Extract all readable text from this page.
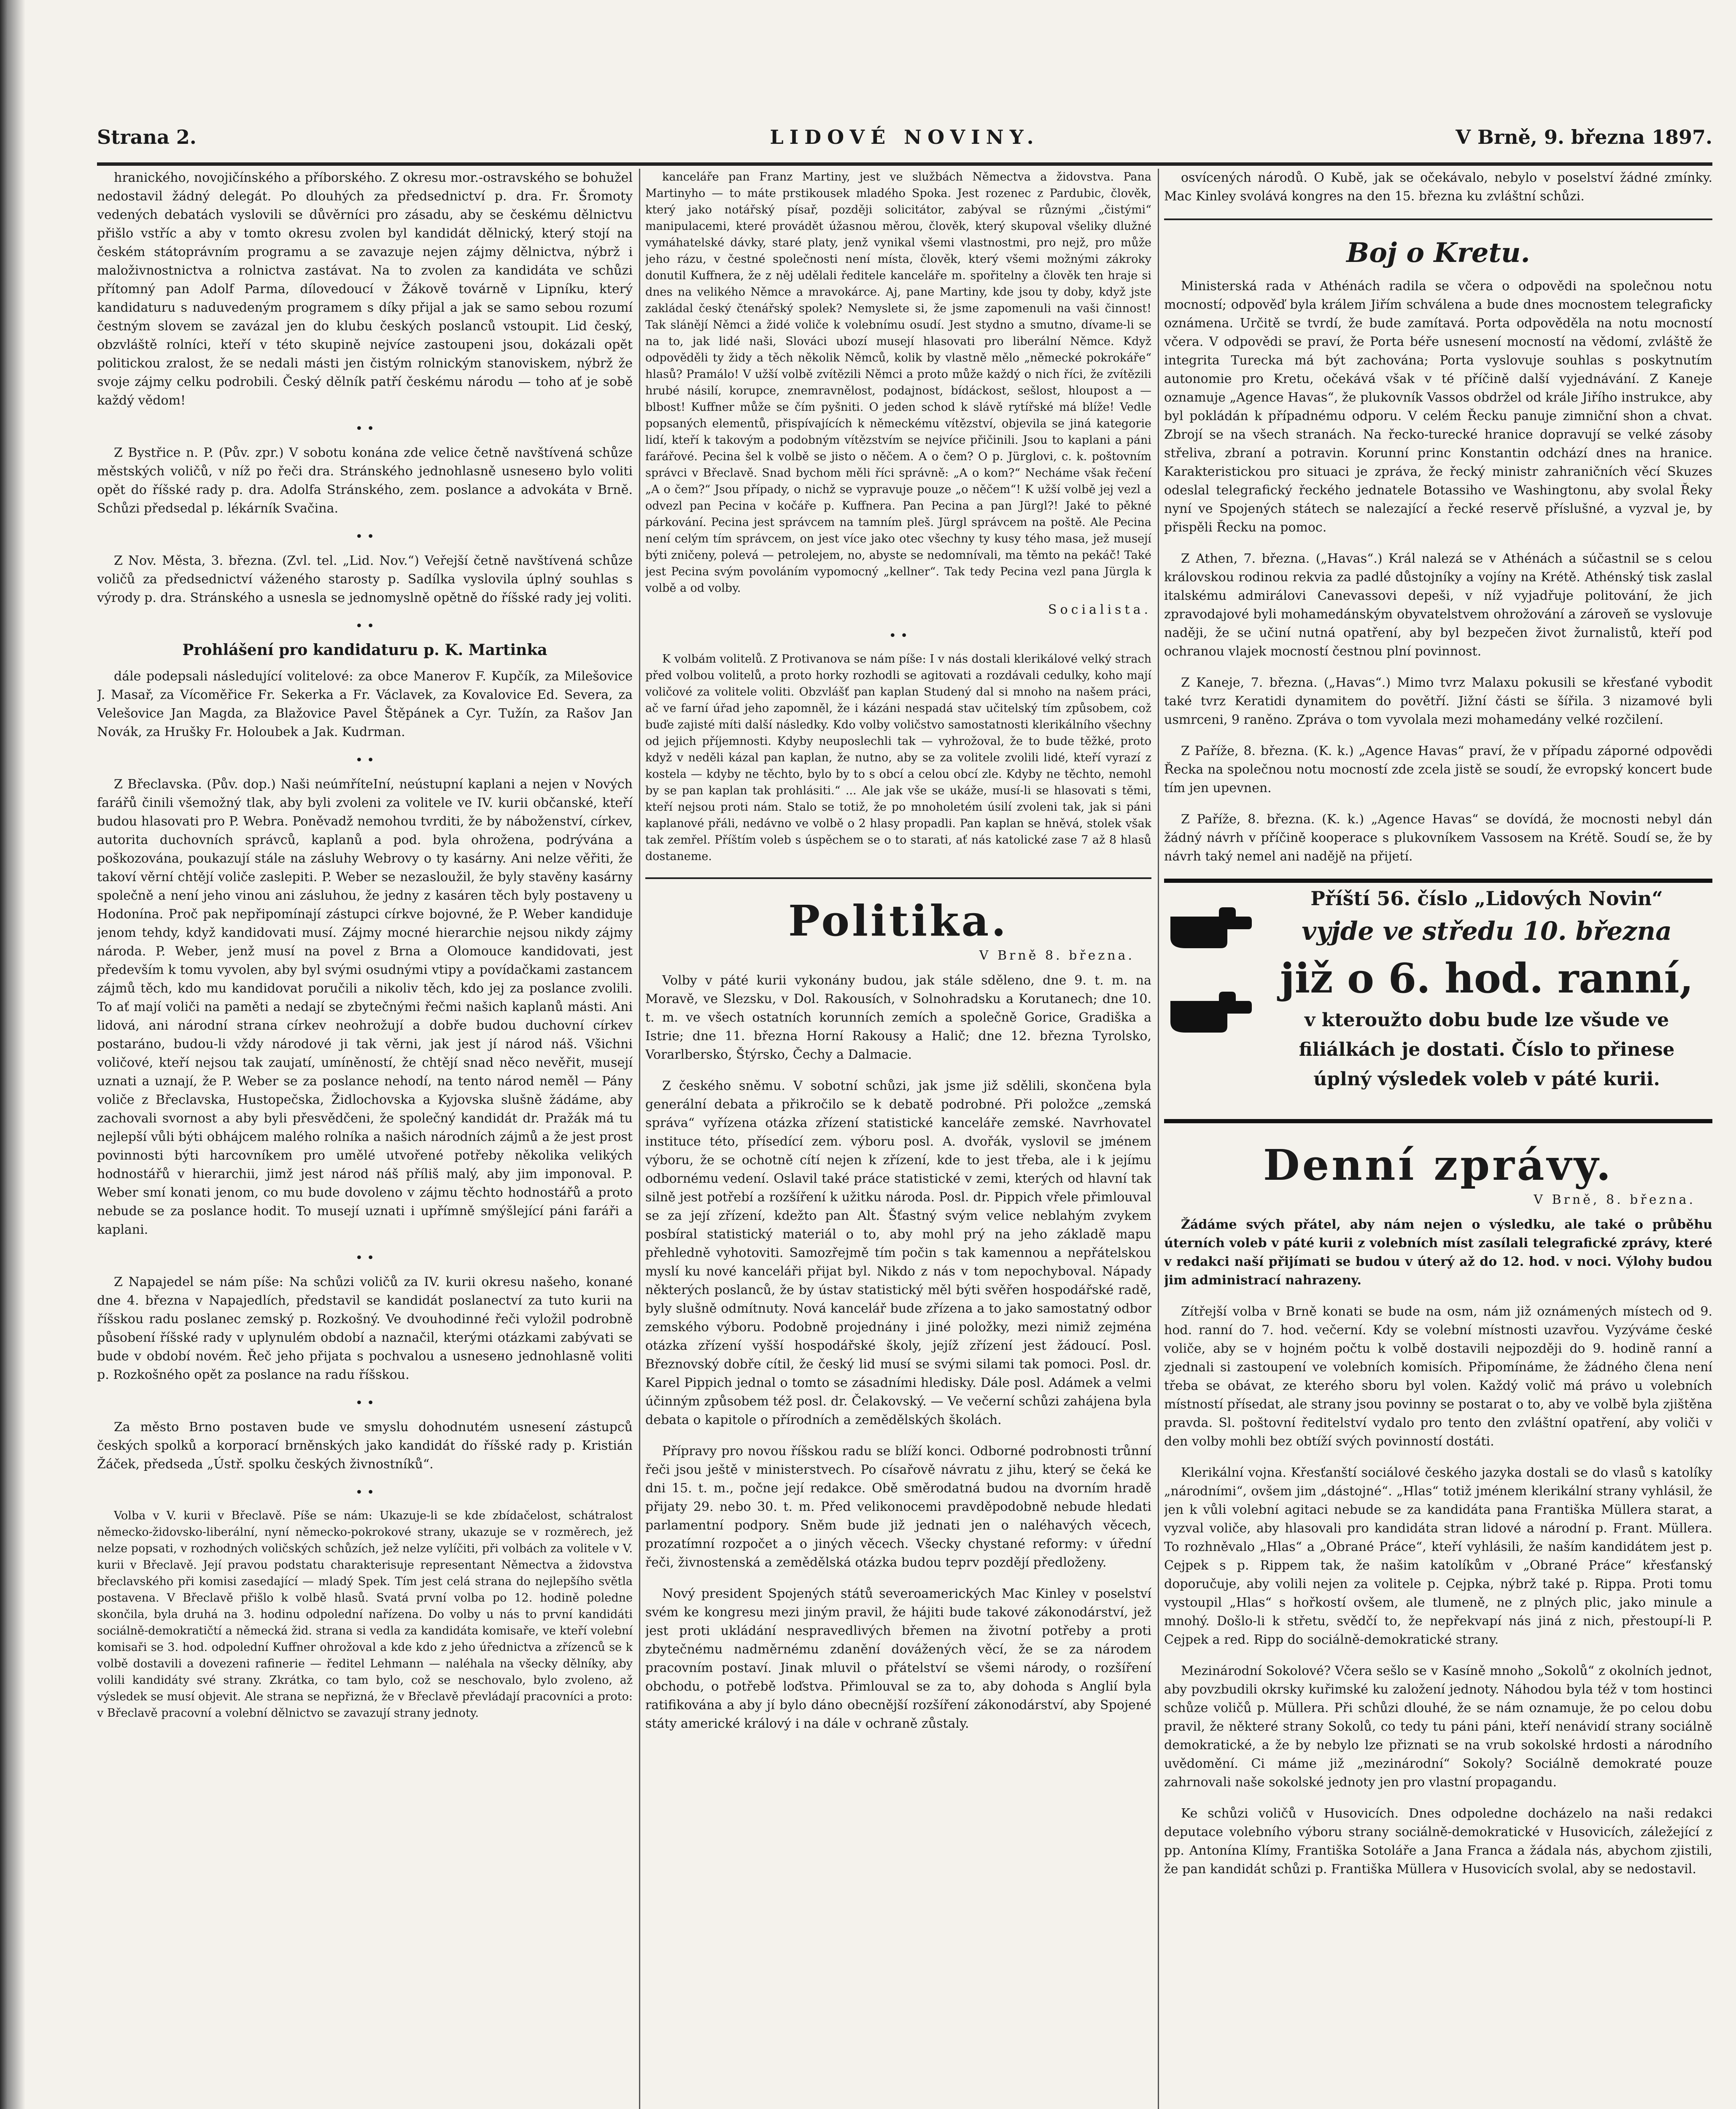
Strana 2.	LIDOVÉ NOVINY.	V Brně, 9. března 1897.

hranického, novojičínského a příborského. Z okresu mor.-ostravského se bohužel nedostavil žádný delegát. Po dlouhých za předsednictví p. dra. Fr. Šromoty vedených debatách vyslovili se důvěrníci pro zásadu, aby se českému dělnictvu přišlo vstříc a aby v tomto okresu zvolen byl kandidát dělnický, který stojí na českém státoprávním programu a se zavazuje nejen zájmy dělnictva, nýbrž i maloživnostnictva a rolnictva zastávat. Na to zvolen za kandidáta ve schůzi přítomný pan Adolf Parma, dílovedoucí v Žákově továrně v Lipníku, který kandidaturu s naduvedeným programem s díky přijal a jak se samo sebou rozumí čestným slovem se zavázal jen do klubu českých poslanců vstoupit. Lid český, obzvláště rolníci, kteří v této skupině nejvíce zastoupeni jsou, dokázali opět politickou zralost, že se nedali másti jen čistým rolnickým stanoviskem, nýbrž že svoje zájmy celku podrobili. Český dělník patří českému národu — toho ať je sobě každý vědom!

• •

Z Bystřice n. P. (Pův. zpr.) V sobotu konána zde velice četně navštívená schůze městských voličů, v níž po řeči dra. Stránského jednohlasně usnesено bylo voliti opět do říšské rady p. dra. Adolfa Stránského, zem. poslance a advokáta v Brně. Schůzi předsedal p. lékárník Svačina.

• •

Z Nov. Města, 3. března. (Zvl. tel. „Lid. Nov.“) Veřejší četně navštívená schůze voličů za předsednictví váženého starosty p. Sadílka vyslovila úplný souhlas s výrody p. dra. Stránského a usnesla se jednomyslně opětně do říšské rady jej voliti.

• •
Prohlášení pro kandidaturu p. K. Martinka

dále podepsali následující volitelové: za obce Manerov F. Kupčík, za Milešovice J. Masař, za Vícoměřice Fr. Sekerka a Fr. Václavek, za Kovalovice Ed. Severa, za Velešovice Jan Magda, za Blažovice Pavel Štěpánek a Cyr. Tužín, za Rašov Jan Novák, za Hrušky Fr. Holoubek a Jak. Kudrman.

• •

Z Břeclavska. (Pův. dop.) Naši neúmříteIní, neústupní kaplani a nejen v Nových farářů činili všemožný tlak, aby byli zvoleni za volitele ve IV. kurii občanské, kteří budou hlasovati pro P. Webra. Poněvadž nemohou tvrditi, že by náboženství, církev, autorita duchovních správců, kaplanů a pod. byla ohrožena, podrývána a poškozována, poukazují stále na zásluhy Webrovy o ty kasárny. Ani nelze věřiti, že takoví věrní chtějí voliče zaslepiti. P. Weber se nezasloužil, že byly stavěny kasárny společně a není jeho vinou ani zásluhou, že jedny z kasáren těch byly postaveny u Hodonína. Proč pak nepřipomínají zástupci církve bojovné, že P. Weber kandiduje jenom tehdy, když kandidovati musí. Zájmy mocné hierarchie nejsou nikdy zájmy národa. P. Weber, jenž musí na povel z Brna a Olomouce kandidovati, jest především k tomu vyvolen, aby byl svými osudnými vtipy a povídačkami zastancem zájmů těch, kdo mu kandidovat poručili a nikoliv těch, kdo jej za poslance zvolili. To ať mají voliči na paměti a nedají se zbytečnými řečmi našich kaplanů másti. Ani lidová, ani národní strana církev neohrožují a dobře budou duchovní církev postaráno, budou-li vždy národové ji tak věrni, jak jest jí národ náš. Všichni voličové, kteří nejsou tak zaujatí, umíněností, že chtějí snad něco nevěřit, musejí uznati a uznají, že P. Weber se za poslance nehodí, na tento národ neměl — Pány voliče z Břeclavska, Hustopečska, Židlochovska a Kyjovska slušně žádáme, aby zachovali svornost a aby byli přesvědčeni, že společný kandidát dr. Pražák má tu nejlepší vůli býti obhájcem malého rolníka a našich národních zájmů a že jest prost povinnosti býti harcovníkem pro umělé utvořené potřeby několika velikých hodnostářů v hierarchii, jimž jest národ náš příliš malý, aby jim imponoval. P. Weber smí konati jenom, co mu bude dovoleno v zájmu těchto hodnostářů a proto nebude se za poslance hodit. To musejí uznati i upřímně smýšlející páni faráři a kaplani.

• •

Z Napajedel se nám píše: Na schůzi voličů za IV. kurii okresu našeho, konané dne 4. března v Napajedlích, představil se kandidát poslanectví za tuto kurii na říšskou radu poslanec zemský p. Rozkošný. Ve dvouhodinné řeči vyložil podrobně působení říšské rady v uplynulém období a naznačil, kterými otázkami zabývati se bude v období novém. Řeč jeho přijata s pochvalou a usnesено jednohlasně voliti p. Rozkošného opět za poslance na radu říšskou.

• •

Za město Brno postaven bude ve smyslu dohodnutém usnesení zástupců českých spolků a korporací brněnských jako kandidát do říšské rady p. Kristián Žáček, předseda „Ústř. spolku českých živnostníků“.

• •

Volba v V. kurii v Břeclavě. Píše se nám: Ukazuje-li se kde zbídačelost, schátralost německo-židovsko-liberální, nyní německo-pokrokové strany, ukazuje se v rozměrech, jež nelze popsati, v rozhodných voličských schůzích, jež nelze vylíčiti, při volbách za volitele v V. kurii v Břeclavě. Její pravou podstatu charakterisuje representant Němectva a židovstva břeclavského při komisi zasedající — mladý Spek. Tím jest celá strana do nejlepšího světla postavena. V Břeclavě přišlo k volbě hlasů. Svatá první volba po 12. hodině poledne skončila, byla druhá na 3. hodinu odpolední nařízena. Do volby u nás to první kandidáti sociálně-demokratičtí a německá žid. strana si vedla za kandidáta komisaře, ve kteří volební komisaři se 3. hod. odpolední Kuffner ohrožoval a kde kdo z jeho úřednictva a zřízenců se k volbě dostavili a dovezeni rafinerie — ředitel Lehmann — naléhala na všecky dělníky, aby volili kandidáty své strany. Zkrátka, co tam bylo, což se neschovalo, bylo zvoleno, až výsledek se musí objevit. Ale strana se nepřizná, že v Břeclavě převládají pracovníci a proto: v Břeclavě pracovní a volební dělnictvo se zavazují strany jednoty.

kanceláře pan Franz Martiny, jest ve službách Němectva a židovstva. Pana Martinyho — to máte prstikousek mladého Spoka. Jest rozenec z Pardubic, člověk, který jako notářský písař, později solicitátor, zabýval se různými „čistými“ manipulacemi, které provádět úžasnou měrou, člověk, který skupoval všeliky dlužné vymáhatelské dávky, staré platy, jenž vynikal všemi vlastnostmi, pro nejž, pro může jeho rázu, v čestné společnosti není místa, člověk, který všemi možnými zákroky donutil Kuffnera, že z něj udělali ředitele kanceláře m. spořitelny a člověk ten hraje si dnes na velikého Němce a mravokárce. Aj, pane Martiny, kde jsou ty doby, když jste zakládal český čtenářský spolek? Nemyslete si, že jsme zapomenuli na vaši činnost! Tak slánějí Němci a židé voliče k volebnímu osudí. Jest stydno a smutno, dívame-li se na to, jak lidé naši, Slováci ubozí musejí hlasovati pro liberální Němce. Když odpověděli ty židy a těch několik Němců, kolik by vlastně mělo „německé pokrokáře“ hlasů? Pramálo! V užší volbě zvítězili Němci a proto může každý o nich říci, že zvítězili hrubé násilí, korupce, znemravnělost, podajnost, bídáckost, sešlost, hloupost a — blbost! Kuffner může se čím pyšniti. O jeden schod k slávě rytířské má blíže! Vedle popsaných elementů, přispívajících k německému vítězství, objevila se jiná kategorie lidí, kteří k takovým a podobným vítězstvím se nejvíce přičinili. Jsou to kaplani a páni farářové. Pecina šel k volbě se jisto o něčem. A o čem? O p. Jürglovi, c. k. poštovním správci v Břeclavě. Snad bychom měli říci správně: „A o kom?“ Necháme však řečení „A o čem?“ Jsou případy, o nichž se vypravuje pouze „o něčem“! K užší volbě jej vezl a odvezl pan Pecina v kočáře p. Kuffnera. Pan Pecina a pan Jürgl?! Jaké to pěkné párkování. Pecina jest správcem na tamním pleš. Jürgl správcem na poště. Ale Pecina není celým tím správcem, on jest více jako otec všechny ty kusy tého masa, jež musejí býti zničeny, polevá — petrolejem, no, abyste se nedomnívali, ma těmto na pekáč! Také jest Pecina svým povoláním vypomocný „kellner“. Tak tedy Pecina vezl pana Jürgla k volbě a od volby.

Socialista.
• •

K volbám volitelů. Z Protivanova se nám píše: I v nás dostali klerikálové velký strach před volbou volitelů, a proto horky rozhodli se agitovati a rozdávali cedulky, koho mají voličové za volitele voliti. Obzvlášť pan kaplan Studený dal si mnoho na našem práci, ač ve farní úřad jeho zapomněl, že i kázáni nespadá stav učitelský tím způsobem, což buďe zajisté míti další následky. Kdo volby voličstvo samostatnosti klerikálního všechny od jejich příjemnosti. Kdyby neuposlechli tak — vyhrožoval, že to bude těžké, proto když v neděli kázal pan kaplan, že nutno, aby se za volitele zvolili lidé, kteří vyrazí z kostela — kdyby ne těchto, bylo by to s obcí a celou obcí zle. Kdyby ne těchto, nemohl by se pan kaplan tak prohlásiti.“ ... Ale jak vše se ukáže, musí-li se hlasovati s těmi, kteří nejsou proti nám. Stalo se totiž, že po mnoholetém úsilí zvoleni tak, jak si páni kaplanové přáli, nedávno ve volbě o 2 hlasy propadli. Pan kaplan se hněvá, stolek však tak zemřel. Příštím voleb s úspěchem se o to starati, ať nás katolické zase 7 až 8 hlasů dostaneme.

Politika.
V Brně 8. března.

Volby v páté kurii vykonány budou, jak stále sděleno, dne 9. t. m. na Moravě, ve Slezsku, v Dol. Rakousích, v Solnohradsku a Korutanech; dne 10. t. m. ve všech ostatních korunních zemích a společně Gorice, Gradiška a Istrie; dne 11. března Horní Rakousy a Halič; dne 12. března Tyrolsko, Vorarlbersko, Štýrsko, Čechy a Dalmacie.

Z českého sněmu. V sobotní schůzi, jak jsme již sdělili, skončena byla generální debata a přikročilo se k debatě podrobné. Při položce „zemská správa“ vyřízena otázka zřízení statistické kanceláře zemské. Navrhovatel instituce této, přísedící zem. výboru posl. A. dvořák, vyslovil se jménem výboru, že se ochotně cítí nejen k zřízení, kde to jest třeba, ale i k jejímu odbornému vedení. Oslavil také práce statistické v zemi, kterých od hlavní tak silně jest potřebí a rozšíření k užitku národa. Posl. dr. Pippich vřele přimlouval se za její zřízení, kdežto pan Alt. Šťastný svým velice neblahým zvykem posbíral statistický materiál o to, aby mohl prý na jeho základě mapu přehledně vyhotoviti. Samozřejmě tím počin s tak kamennou a nepřátelskou myslí ku nové kanceláři přijat byl. Nikdo z nás v tom nepochyboval. Nápady některých poslanců, že by ústav statistický měl býti svěřen hospodářské radě, byly slušně odmítnuty. Nová kancelář bude zřízena a to jako samostatný odbor zemského výboru. Podobně projednány i jiné položky, mezi nimiž zejména otázka zřízení vyšší hospodářské školy, jejíž zřízení jest žádoucí. Posl. Březnovský dobře cítil, že český lid musí se svými silami tak pomoci. Posl. dr. Karel Pippich jednal o tomto se zásadními hledisky. Dále posl. Adámek a velmi účinným způsobem též posl. dr. Čelakovský. — Ve večerní schůzi zahájena byla debata o kapitole o přírodních a zemědělských školách.

Přípravy pro novou říšskou radu se blíží konci. Odborné podrobnosti trůnní řeči jsou ještě v ministerstvech. Po císařově návratu z jihu, který se čeká ke dni 15. t. m., počne její redakce. Obě směrodatná budou na dvorním hradě přijaty 29. nebo 30. t. m. Před velikonocemi pravděpodobně nebude hledati parlamentní podpory. Sněm bude již jednati jen o naléhavých věcech, prozatímní rozpočet a o jiných věcech. Všecky chystané reformy: v úřední řeči, živnostenská a zemědělská otázka budou teprv pozdějí předloženy.

Nový president Spojených států severoamerických Mac Kinley v poselství svém ke kongresu mezi jiným pravil, že hájiti bude takové zákonodárství, jež jest proti ukládání nespravedlivých břemen na životní potřeby a proti zbytečnému nadměrnému zdanění dovážených věcí, že se za národem pracovním postaví. Jinak mluvil o přátelství se všemi národy, o rozšíření obchodu, o potřebě loďstva. Přimlouval se za to, aby dohoda s Anglií byla ratifikována a aby jí bylo dáno obecnější rozšíření zákonodárství, aby Spojené státy americké králový i na dále v ochraně zůstaly.

osvícených národů. O Kubě, jak se očekávalo, nebylo v poselství žádné zmínky. Mac Kinley svolává kongres na den 15. března ku zvláštní schůzi.

Boj o Kretu.

Ministerská rada v Athénách radila se včera o odpovědi na společnou notu mocností; odpověď byla králem Jiřím schválena a bude dnes mocnostem telegraficky oznámena. Určitě se tvrdí, že bude zamítavá. Porta odpověděla na notu mocností včera. V odpovědi se praví, že Porta béře usnesení mocností na vědomí, zvláště že integrita Turecka má být zachována; Porta vyslovuje souhlas s poskytnutím autonomie pro Kretu, očekává však v té příčině další vyjednávání. Z Kaneje oznamuje „Agence Havas“, že plukovník Vassos obdržel od krále Jiřího instrukce, aby byl pokládán k případnému odporu. V celém Řecku panuje zimniční shon a chvat. Zbrojí se na všech stranách. Na řecko-turecké hranice dopravují se velké zásoby střeliva, zbraní a potravin. Korunní princ Konstantin odchází dnes na hranice. Karakteristickou pro situaci je zpráva, že řecký ministr zahraničních věcí Skuzes odeslal telegrafický řeckého jednatele Botassiho ve Washingtonu, aby svolal Řeky nyní ve Spojených státech se nalezající a řecké reservě příslušné, a vyzval je, by přispěli Řecku na pomoc.

Z Athen, 7. března. („Havas“.) Král nalezá se v Athénách a súčastnil se s celou královskou rodinou rekvia za padlé důstojníky a vojíny na Krétě. Athénský tisk zaslal italskému admirálovi Canevassovi depeši, v níž vyjadřuje politování, že jich zpravodajové byli mohamedánským obyvatelstvem ohrožování a zároveň se vyslovuje naději, že se učiní nutná opatření, aby byl bezpečen život žurnalistů, kteří pod ochranou vlajek mocností čestnou plní povinnost.

Z Kaneje, 7. března. („Havas“.) Mimo tvrz Malaxu pokusili se křesťané vybodit také tvrz Keratidi dynamitem do povětří. Jižní části se šířila. 3 nizamové byli usmrceni, 9 raněno. Zpráva o tom vyvolala mezi mohamedány velké rozčilení.

Z Paříže, 8. března. (K. k.) „Agence Havas“ praví, že v případu záporné odpovědi Řecka na společnou notu mocností zde zcela jistě se soudí, že evropský koncert bude tím jen upevnen.

Z Paříže, 8. března. (K. k.) „Agence Havas“ se dovídá, že mocnosti nebyl dán žádný návrh v příčině kooperace s plukovníkem Vassosem na Krétě. Soudí se, že by návrh taký nemel ani nadějě na přijetí.

Příští 56. číslo „Lidových Novin“
vyjde ve středu 10. března
již o 6. hod. ranní,
v kteroužto dobu bude lze všude ve
filiálkách je dostati. Číslo to přinese
úplný výsledek voleb v páté kurii.
Denní zprávy.
V Brně, 8. března.

Žádáme svých přátel, aby nám nejen o výsledku, ale také o průběhu úterních voleb v páté kurii z volebních míst zasílali telegrafické zprávy, které v redakci naší přijímati se budou v úterý až do 12. hod. v noci. Výlohy budou jim administrací nahrazeny.

Zítřejší volba v Brně konati se bude na osm, nám již oznámených místech od 9. hod. ranní do 7. hod. večerní. Kdy se volební místnosti uzavřou. Vyzýváme české voliče, aby se v hojném počtu k volbě dostavili nejpozději do 9. hodině ranní a zjednali si zastoupení ve volebních komisích. Připomínáme, že žádného člena není třeba se obávat, ze kterého sboru byl volen. Každý volič má právo u volebních místností přísedat, ale strany jsou povinny se postarat o to, aby ve volbě byla zjištěna pravda. Sl. poštovní ředitelství vydalo pro tento den zvláštní opatření, aby voliči v den volby mohli bez obtíží svých povinností dostáti.

Klerikální vojna. Křesťanští sociálové českého jazyka dostali se do vlasů s katolíky „národními“, ovšem jim „dástojné“. „Hlas“ totiž jménem klerikální strany vyhlásil, že jen k vůli volební agitaci nebude se za kandidáta pana Františka Müllera starat, a vyzval voliče, aby hlasovali pro kandidáta stran lidové a národní p. Frant. Müllera. To rozhněvalo „Hlas“ a „Obrané Práce“, kteří vyhlásili, že naším kandidátem jest p. Cejpek s p. Rippem tak, že našim katolíkům v „Obrané Práce“ křesťanský doporučuje, aby volili nejen za volitele p. Cejpka, nýbrž také p. Rippa. Proti tomu vystoupil „Hlas“ s hořkostí ovšem, ale tlumeně, ne z plných plic, jako minule a mnohý. Došlo-li k střetu, svědčí to, že nepřekvapí nás jiná z nich, přestoupí-li P. Cejpek a red. Ripp do sociálně-demokratické strany.

Mezinárodní Sokolové? Včera sešlo se v Kasíně mnoho „Sokolů“ z okolních jednot, aby povzbudili okrsky kuřimské ku založení jednoty. Náhodou byla též v tom hostinci schůze voličů p. Müllera. Při schůzi dlouhé, že se nám oznamuje, že po celou dobu pravil, že některé strany Sokolů, co tedy tu páni páni, kteří nenávidí strany sociálně demokratické, a že by nebylo lze přiznati se na vrub sokolské hrdosti a národního uvědomění. Ci máme již „mezinárodní“ Sokoly? Sociálně demokraté pouze zahrnovali naše sokolské jednoty jen pro vlastní propagandu.

Ke schůzi voličů v Husovicích. Dnes odpoledne docházelo na naši redakci deputace volebního výboru strany sociálně-demokratické v Husovicích, záležející z pp. Antonína Klímy, Františka Sotoláře a Jana Franca a žádala nás, abychom zjistili, že pan kandidát schůzi p. Františka Müllera v Husovicích svolal, aby se nedostavil.
